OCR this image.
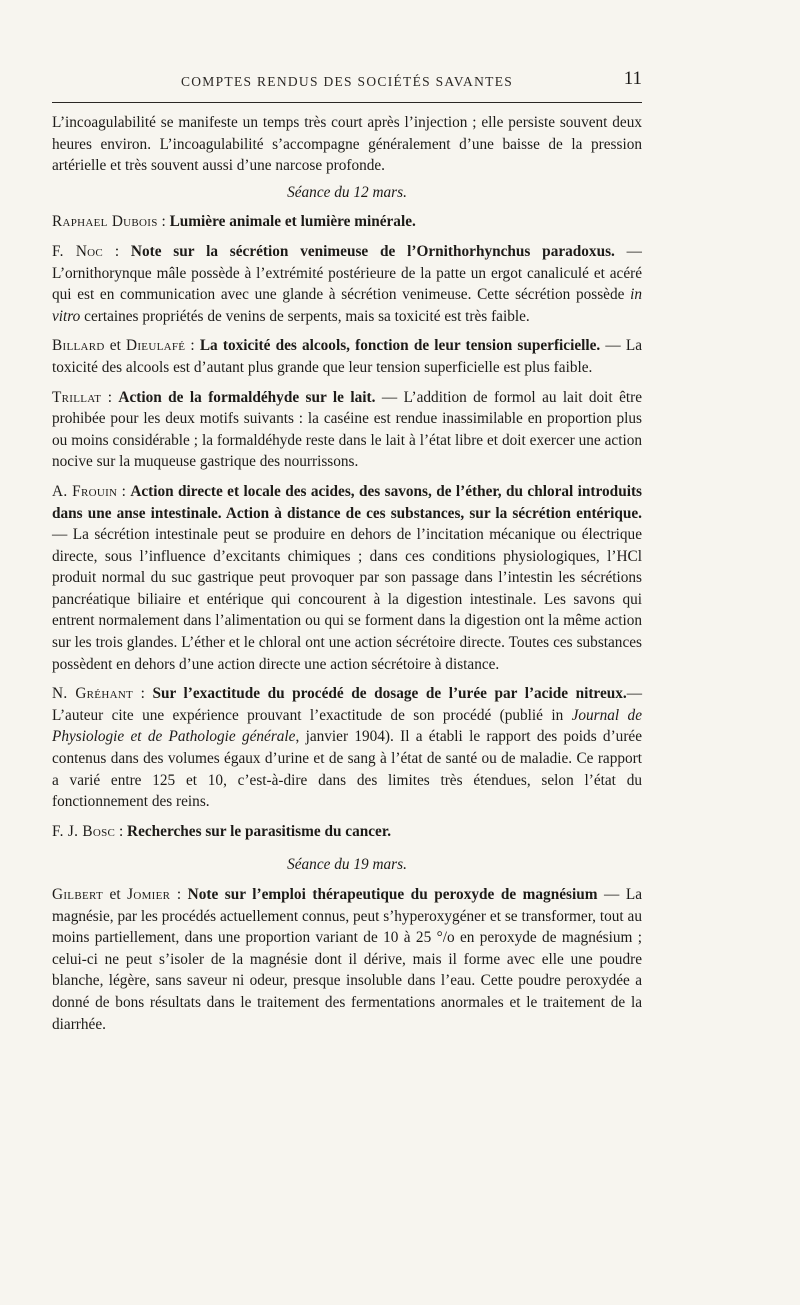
COMPTES RENDUS DES SOCIÉTÉS SAVANTES	11

L’incoagulabilité se manifeste un temps très court après l’injection ; elle persiste souvent deux heures environ. L’incoagulabilité s’accompagne généralement d’une baisse de la pression artérielle et très souvent aussi d’une narcose profonde.

Séance du 12 mars.

Raphael Dubois : Lumière animale et lumière minérale.

F. Noc : Note sur la sécrétion venimeuse de l’Ornithorhynchus paradoxus. — L’ornithorynque mâle possède à l’extrémité postérieure de la patte un ergot canaliculé et acéré qui est en communication avec une glande à sécrétion venimeuse. Cette sécrétion possède in vitro certaines propriétés de venins de serpents, mais sa toxicité est très faible.

Billard et Dieulafé : La toxicité des alcools, fonction de leur tension superficielle. — La toxicité des alcools est d’autant plus grande que leur tension superficielle est plus faible.

Trillat : Action de la formaldéhyde sur le lait. — L’addition de formol au lait doit être prohibée pour les deux motifs suivants : la caséine est rendue inassimilable en proportion plus ou moins considérable ; la formaldéhyde reste dans le lait à l’état libre et doit exercer une action nocive sur la muqueuse gastrique des nourrissons.

A. Frouin : Action directe et locale des acides, des savons, de l’éther, du chloral introduits dans une anse intestinale. Action à distance de ces substances, sur la sécrétion entérique. — La sécrétion intestinale peut se produire en dehors de l’incitation mécanique ou électrique directe, sous l’influence d’excitants chimiques ; dans ces conditions physiologiques, l’HCl produit normal du suc gastrique peut provoquer par son passage dans l’intestin les sécrétions pancréatique biliaire et entérique qui concourent à la digestion intestinale. Les savons qui entrent normalement dans l’alimentation ou qui se forment dans la digestion ont la même action sur les trois glandes. L’éther et le chloral ont une action sécrétoire directe. Toutes ces substances possèdent en dehors d’une action directe une action sécrétoire à distance.

N. Gréhant : Sur l’exactitude du procédé de dosage de l’urée par l’acide nitreux.— L’auteur cite une expérience prouvant l’exactitude de son procédé (publié in Journal de Physiologie et de Pathologie générale, janvier 1904). Il a établi le rapport des poids d’urée contenus dans des volumes égaux d’urine et de sang à l’état de santé ou de maladie. Ce rapport a varié entre 125 et 10, c’est-à-dire dans des limites très étendues, selon l’état du fonctionnement des reins.

F. J. Bosc : Recherches sur le parasitisme du cancer.

Séance du 19 mars.

Gilbert et Jomier : Note sur l’emploi thérapeutique du peroxyde de magnésium — La magnésie, par les procédés actuellement connus, peut s’hyperoxygéner et se transformer, tout au moins partiellement, dans une proportion variant de 10 à 25 °/o en peroxyde de magnésium ; celui-ci ne peut s’isoler de la magnésie dont il dérive, mais il forme avec elle une poudre blanche, légère, sans saveur ni odeur, presque insoluble dans l’eau. Cette poudre peroxydée a donné de bons résultats dans le traitement des fermentations anormales et le traitement de la diarrhée.
